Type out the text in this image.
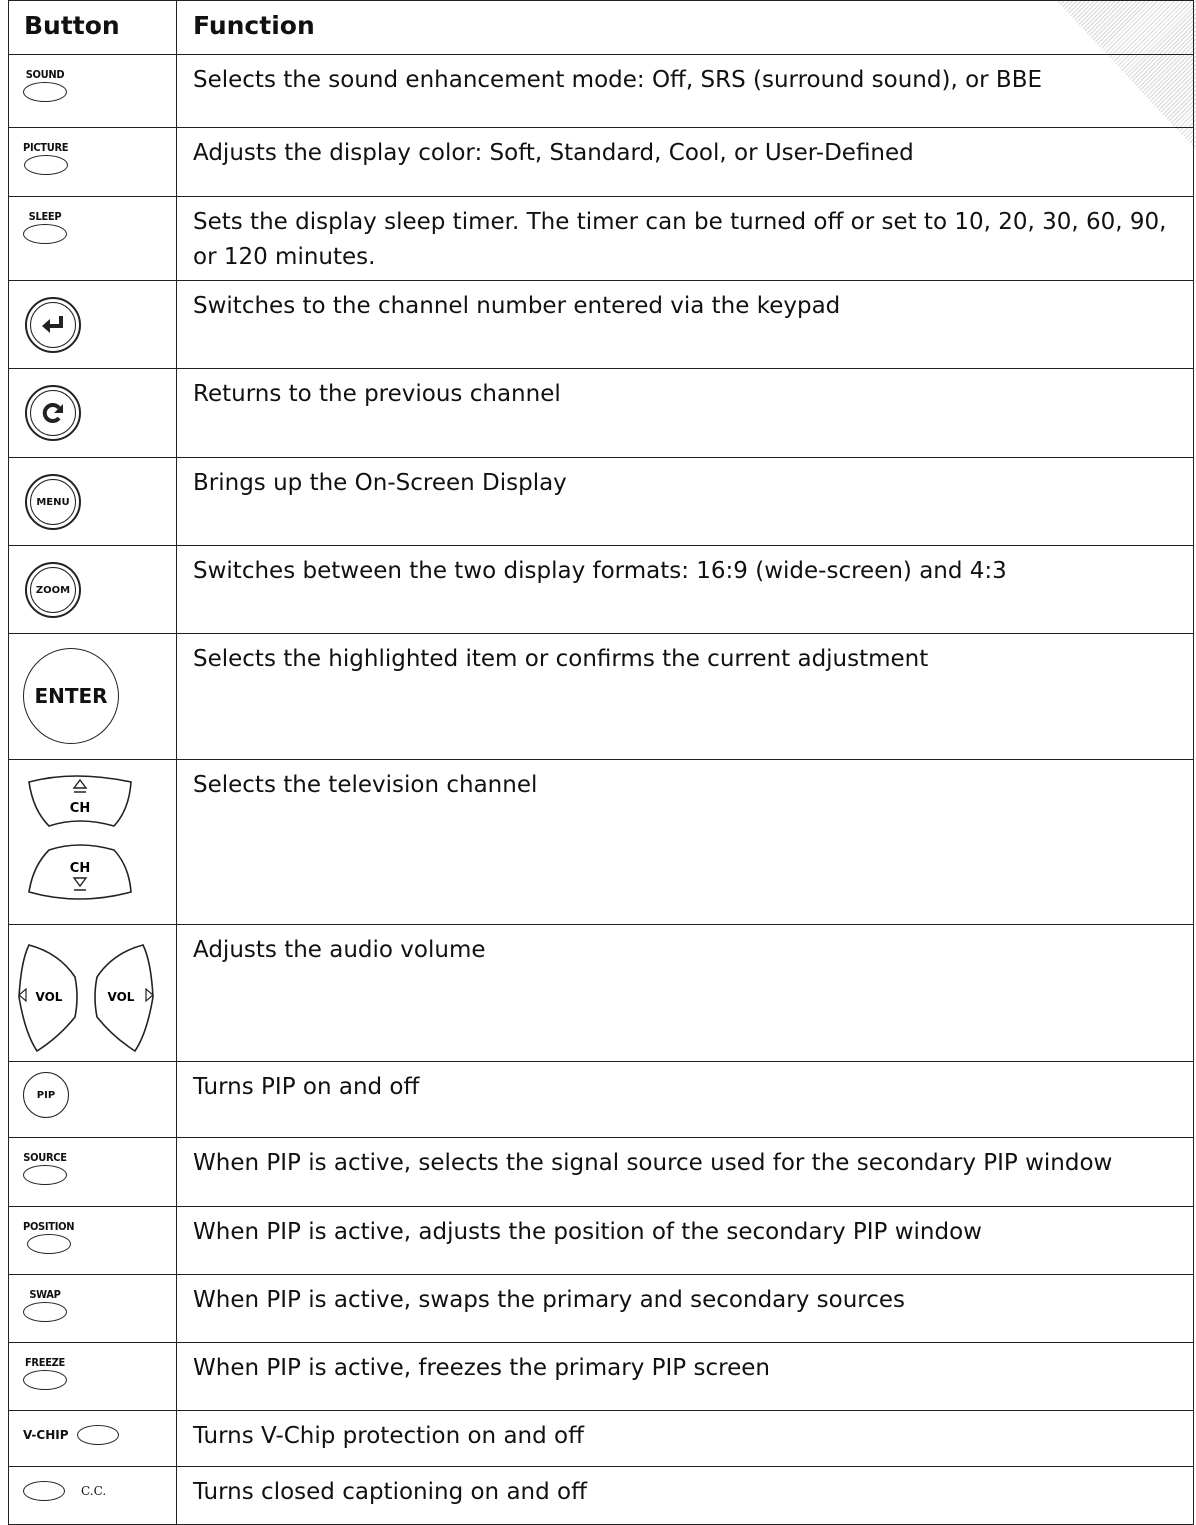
Button	Function

SOUND	Selects the sound enhancement mode: Off, SRS (surround sound), or BBE

PICTURE	Adjusts the display color: Soft, Standard, Cool, or User-Defined

SLEEP	Sets the display sleep timer. The timer can be turned off or set to 10, 20, 30, 60, 90, or 120 minutes.

	Switches to the channel number entered via the keypad

	Returns to the previous channel

MENU	Brings up the On-Screen Display

ZOOM	Switches between the two display formats: 16:9 (wide-screen) and 4:3

ENTER	Selects the highlighted item or confirms the current adjustment

CH
CH	Selects the television channel

VOL VOL	Adjusts the audio volume

PIP	Turns PIP on and off

SOURCE	When PIP is active, selects the signal source used for the secondary PIP window

POSITION	When PIP is active, adjusts the position of the secondary PIP window

SWAP	When PIP is active, swaps the primary and secondary sources

FREEZE	When PIP is active, freezes the primary PIP screen

V-CHIP	Turns V-Chip protection on and off

C.C.	Turns closed captioning on and off
